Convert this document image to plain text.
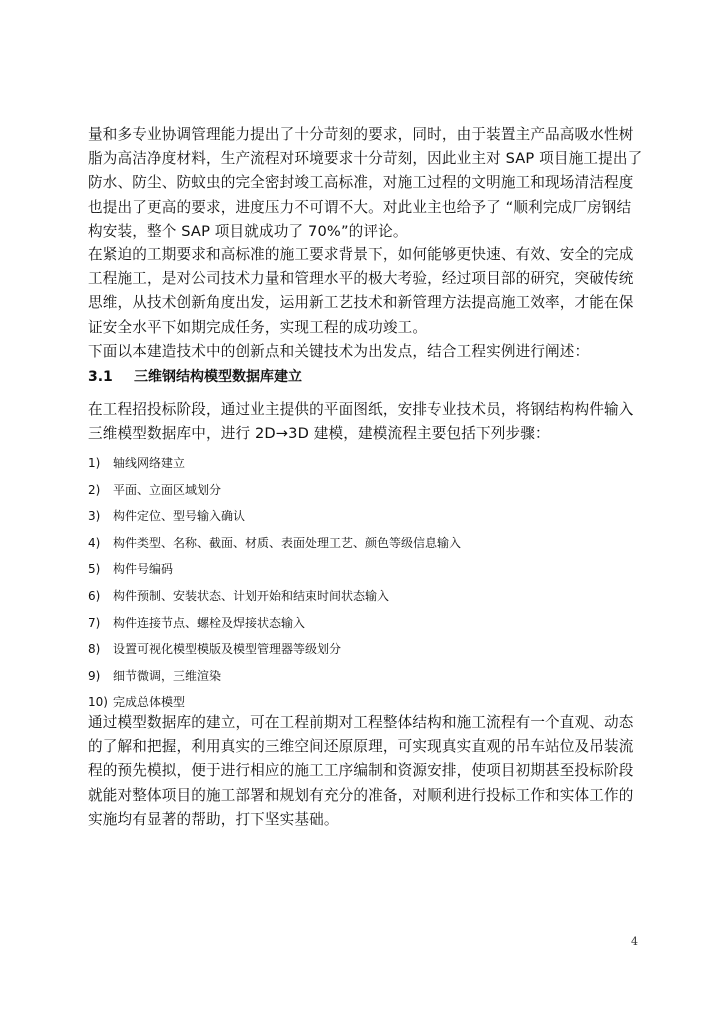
量和多专业协调管理能力提出了十分苛刻的要求，同时，由于装置主产品高吸水性树脂为高洁净度材料，生产流程对环境要求十分苛刻，因此业主对 SAP 项目施工提出了防水、防尘、防蚊虫的完全密封竣工高标准，对施工过程的文明施工和现场清洁程度也提出了更高的要求，进度压力不可谓不大。对此业主也给予了 “顺利完成厂房钢结构安装，整个 SAP 项目就成功了 70%”的评论。
在紧迫的工期要求和高标准的施工要求背景下，如何能够更快速、有效、安全的完成工程施工，是对公司技术力量和管理水平的极大考验，经过项目部的研究，突破传统思维，从技术创新角度出发，运用新工艺技术和新管理方法提高施工效率，才能在保证安全水平下如期完成任务，实现工程的成功竣工。
下面以本建造技术中的创新点和关键技术为出发点，结合工程实例进行阐述：
3.1 三维钢结构模型数据库建立
在工程招投标阶段，通过业主提供的平面图纸，安排专业技术员，将钢结构构件输入三维模型数据库中，进行 2D→3D 建模，建模流程主要包括下列步骤：
1)	轴线网络建立
2)	平面、立面区域划分
3)	构件定位、型号输入确认
4)	构件类型、名称、截面、材质、表面处理工艺、颜色等级信息输入
5)	构件号编码
6)	构件预制、安装状态、计划开始和结束时间状态输入
7)	构件连接节点、螺栓及焊接状态输入
8)	设置可视化模型模版及模型管理器等级划分
9)	细节微调，三维渲染
10) 完成总体模型
通过模型数据库的建立，可在工程前期对工程整体结构和施工流程有一个直观、动态的了解和把握，利用真实的三维空间还原原理，可实现真实直观的吊车站位及吊装流程的预先模拟，便于进行相应的施工工序编制和资源安排，使项目初期甚至投标阶段就能对整体项目的施工部署和规划有充分的准备，对顺利进行投标工作和实体工作的实施均有显著的帮助，打下坚实基础。
4
